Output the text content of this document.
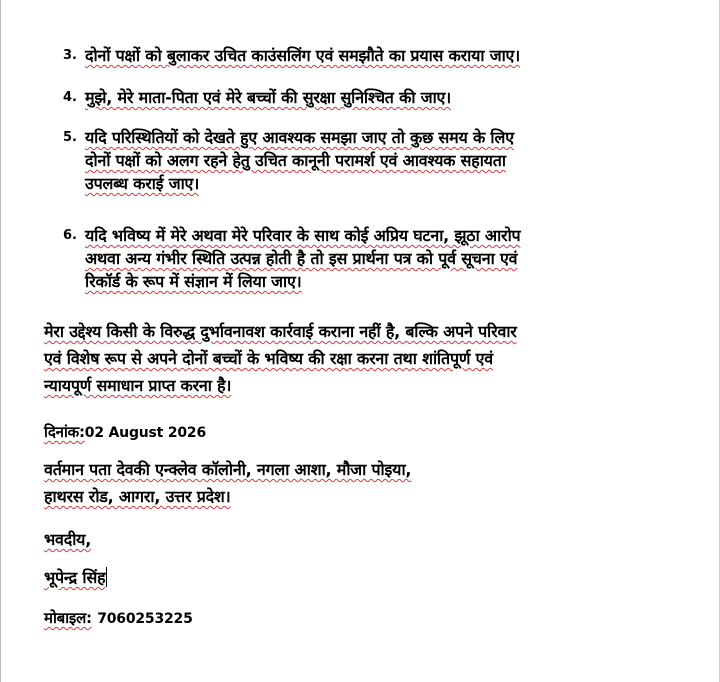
3. दोनों पक्षों को बुलाकर उचित काउंसलिंग एवं समझौते का प्रयास कराया जाए।
4. मुझे, मेरे माता-पिता एवं मेरे बच्चों की सुरक्षा सुनिश्चित की जाए।
5. यदि परिस्थितियों को देखते हुए आवश्यक समझा जाए तो कुछ समय के लिए
दोनों पक्षों को अलग रहने हेतु उचित कानूनी परामर्श एवं आवश्यक सहायता
उपलब्ध कराई जाए।
6. यदि भविष्य में मेरे अथवा मेरे परिवार के साथ कोई अप्रिय घटना, झूठा आरोप
अथवा अन्य गंभीर स्थिति उत्पन्न होती है तो इस प्रार्थना पत्र को पूर्व सूचना एवं
रिकॉर्ड के रूप में संज्ञान में लिया जाए।
मेरा उद्देश्य किसी के विरुद्ध दुर्भावनावश कार्रवाई कराना नहीं है, बल्कि अपने परिवार
एवं विशेष रूप से अपने दोनों बच्चों के भविष्य की रक्षा करना तथा शांतिपूर्ण एवं
न्यायपूर्ण समाधान प्राप्त करना है।
दिनांक:02 August 2026
वर्तमान पता देवकी एन्क्लेव कॉलोनी, नगला आशा, मौजा पोइया,
हाथरस रोड, आगरा, उत्तर प्रदेश।
भवदीय,
भूपेन्द्र सिंह
मोबाइल: 7060253225
